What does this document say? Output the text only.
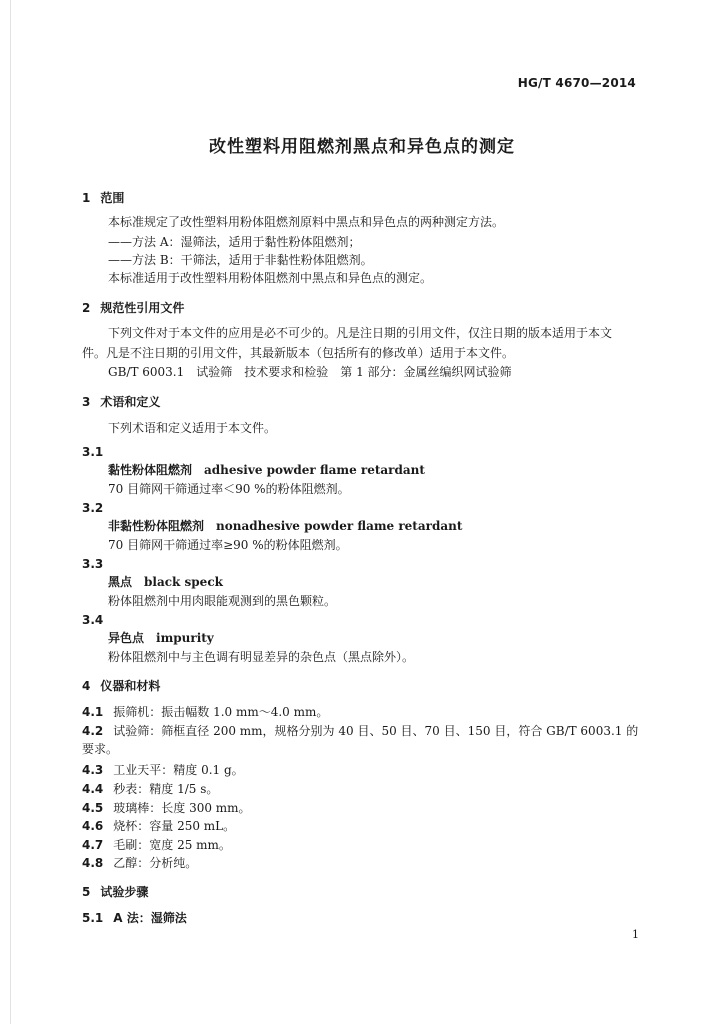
HG/T 4670—2014
改性塑料用阻燃剂黑点和异色点的测定
1 范围
本标准规定了改性塑料用粉体阻燃剂原料中黑点和异色点的两种测定方法。
——方法 A：湿筛法，适用于黏性粉体阻燃剂；
——方法 B：干筛法，适用于非黏性粉体阻燃剂。
本标准适用于改性塑料用粉体阻燃剂中黑点和异色点的测定。
2 规范性引用文件
下列文件对于本文件的应用是必不可少的。凡是注日期的引用文件，仅注日期的版本适用于本文
件。凡是不注日期的引用文件，其最新版本（包括所有的修改单）适用于本文件。
GB/T 6003.1　试验筛　技术要求和检验　第 1 部分：金属丝编织网试验筛
3 术语和定义
下列术语和定义适用于本文件。
3.1
黏性粉体阻燃剂 adhesive powder flame retardant
70 目筛网干筛通过率＜90 %的粉体阻燃剂。
3.2
非黏性粉体阻燃剂 nonadhesive powder flame retardant
70 目筛网干筛通过率≥90 %的粉体阻燃剂。
3.3
黑点 black speck
粉体阻燃剂中用肉眼能观测到的黑色颗粒。
3.4
异色点 impurity
粉体阻燃剂中与主色调有明显差异的杂色点（黑点除外）。
4 仪器和材料
4.1 振筛机：振击幅数 1.0 mm～4.0 mm。
4.2 试验筛：筛框直径 200 mm，规格分别为 40 目、50 目、70 目、150 目，符合 GB/T 6003.1 的
要求。
4.3 工业天平：精度 0.1 g。
4.4 秒表：精度 1/5 s。
4.5 玻璃棒：长度 300 mm。
4.6 烧杯：容量 250 mL。
4.7 毛刷：宽度 25 mm。
4.8 乙醇：分析纯。
5 试验步骤
5.1 A 法：湿筛法
1
